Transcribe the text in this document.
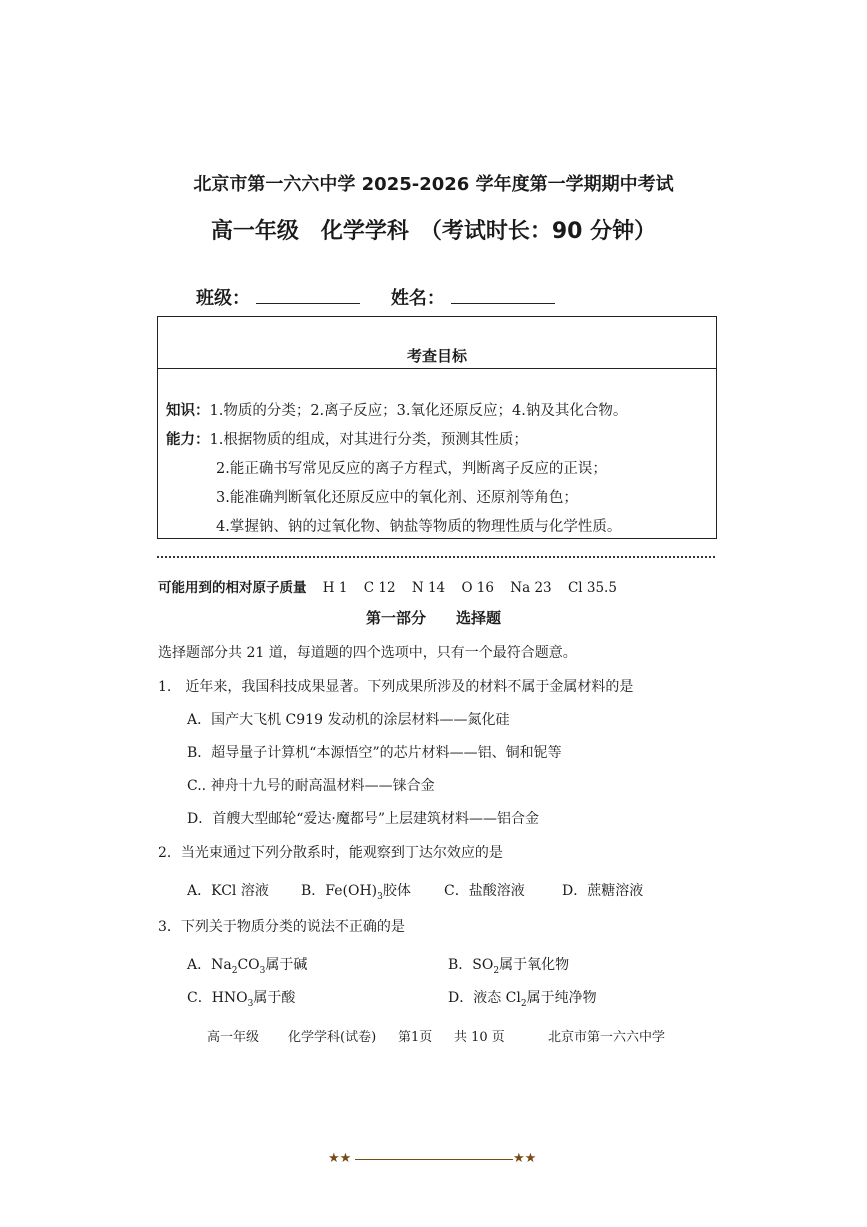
北京市第一六六中学 2025-2026 学年度第一学期期中考试
高一年级　化学学科　（考试时长：90 分钟）
班级：	姓名：
考查目标
知识：1.物质的分类；2.离子反应；3.氧化还原反应；4.钠及其化合物。
能力：1.根据物质的组成，对其进行分类，预测其性质；
2.能正确书写常见反应的离子方程式，判断离子反应的正误；
3.能准确判断氧化还原反应中的氧化剂、还原剂等角色；
4.掌握钠、钠的过氧化物、钠盐等物质的物理性质与化学性质。
可能用到的相对原子质量 H 1 C 12 N 14 O 16 Na 23 Cl 35.5
第一部分　　选择题
选择题部分共 21 道，每道题的四个选项中，只有一个最符合题意。
1.　近年来，我国科技成果显著。下列成果所涉及的材料不属于金属材料的是
A．国产大飞机 C919 发动机的涂层材料——氮化硅
B．超导量子计算机“本源悟空”的芯片材料——铝、铜和铌等
C.. 神舟十九号的耐高温材料——铼合金
D．首艘大型邮轮“爱达·魔都号”上层建筑材料——铝合金
2．当光束通过下列分散系时，能观察到丁达尔效应的是
A．KCl 溶液 B．$Fe(OH)_3$胶体 C．盐酸溶液	D．蔗糖溶液
3．下列关于物质分类的说法不正确的是
A．$Na_2CO_3$属于碱	B．$SO_2$属于氧化物
C．$HNO_3$属于酸	D．液态 $Cl_2$属于纯净物
高一年级 化学学科(试卷) 第1页 共 10 页	北京市第一六六中学
★★	★★
